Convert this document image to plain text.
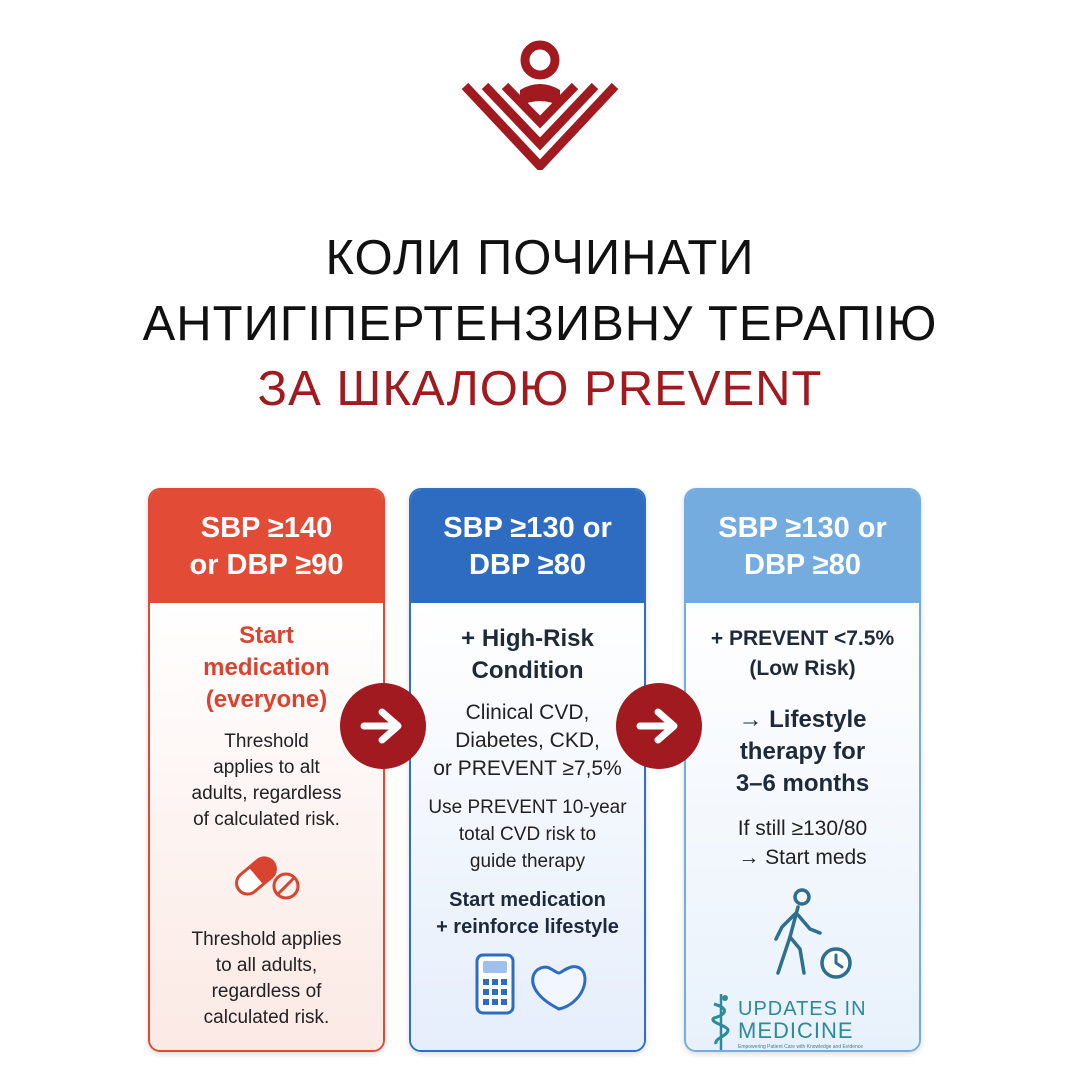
КОЛИ ПОЧИНАТИ
АНТИГІПЕРТЕНЗИВНУ ТЕРАПІЮ
ЗА ШКАЛОЮ PREVENT
SBP ≥140
or DBP ≥90
Start
medication
(everyone)
Threshold
applies to alt
adults, regardless
of calculated risk.
Threshold applies
to all adults,
regardless of
calculated risk.
SBP ≥130 or
DBP ≥80
+ High-Risk
Condition
Clinical CVD,
Diabetes, CKD,
or PREVENT ≥7,5%
Use PREVENT 10-year
total CVD risk to
guide therapy
Start medication
+ reinforce lifestyle
SBP ≥130 or
DBP ≥80
+ PREVENT <7.5%
(Low Risk)
→ Lifestyle
therapy for
3–6 months
If still ≥130/80
→ Start meds
UPDATES IN
MEDICINE
Empowering Patient Care with Knowledge and Evidence
